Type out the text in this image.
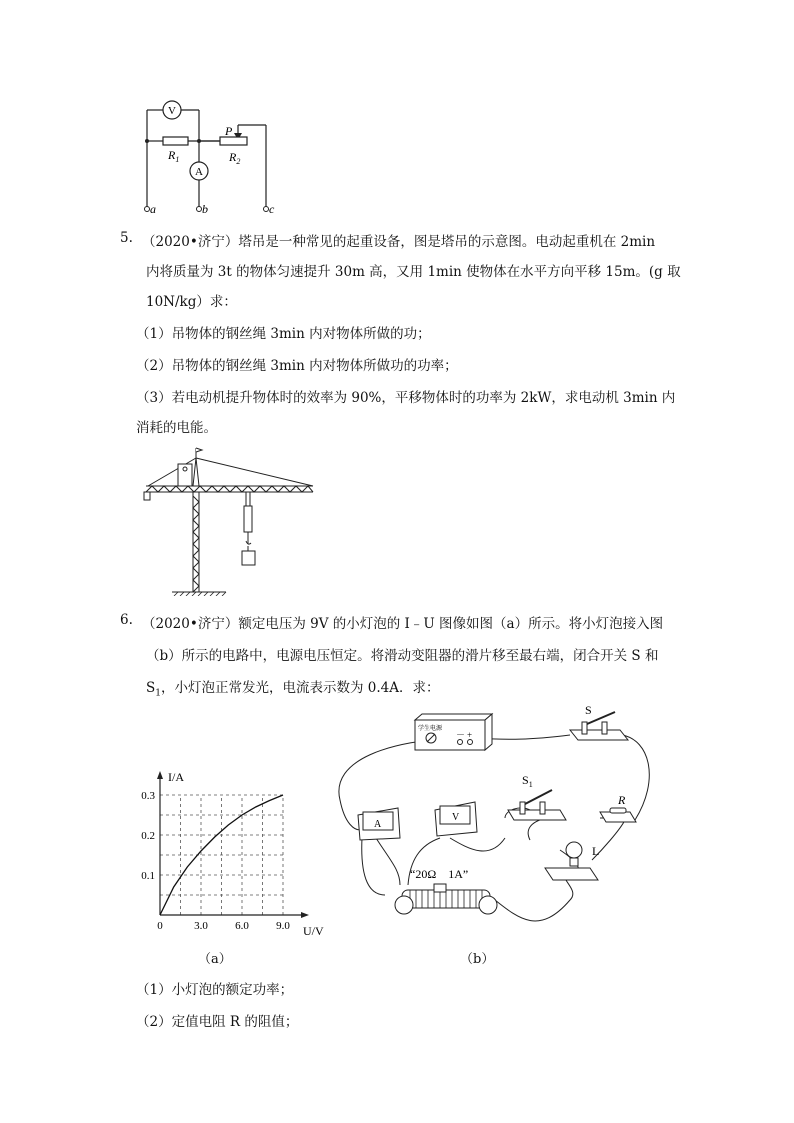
V
A
$R_1$	$R_2$
P
a	b	c
5. （2020•济宁）塔吊是一种常见的起重设备，图是塔吊的示意图。电动起重机在 2min
内将质量为 3t 的物体匀速提升 30m 高，又用 1min 使物体在水平方向平移 15m。(g 取
10N/kg）求：
（1）吊物体的钢丝绳 3min 内对物体所做的功；
（2）吊物体的钢丝绳 3min 内对物体所做功的功率；
（3）若电动机提升物体时的效率为 90%，平移物体时的功率为 2kW，求电动机 3min 内
消耗的电能。
6. （2020•济宁）额定电压为 9V 的小灯泡的 I﹣U 图像如图（a）所示。将小灯泡接入图
（b）所示的电路中，电源电压恒定。将滑动变阻器的滑片移至最右端，闭合开关 S 和
$S_1$，小灯泡正常发光，电流表示数为 0.4A．求：
0	3.0 6.0 9.0
0.1
0.2
0.3
I/A
U/V
学生电源
－ +
S
$S_1$
R
L
A
V
“20Ω　1A”
（a）	（b）
（1）小灯泡的额定功率；
（2）定值电阻 R 的阻值；
